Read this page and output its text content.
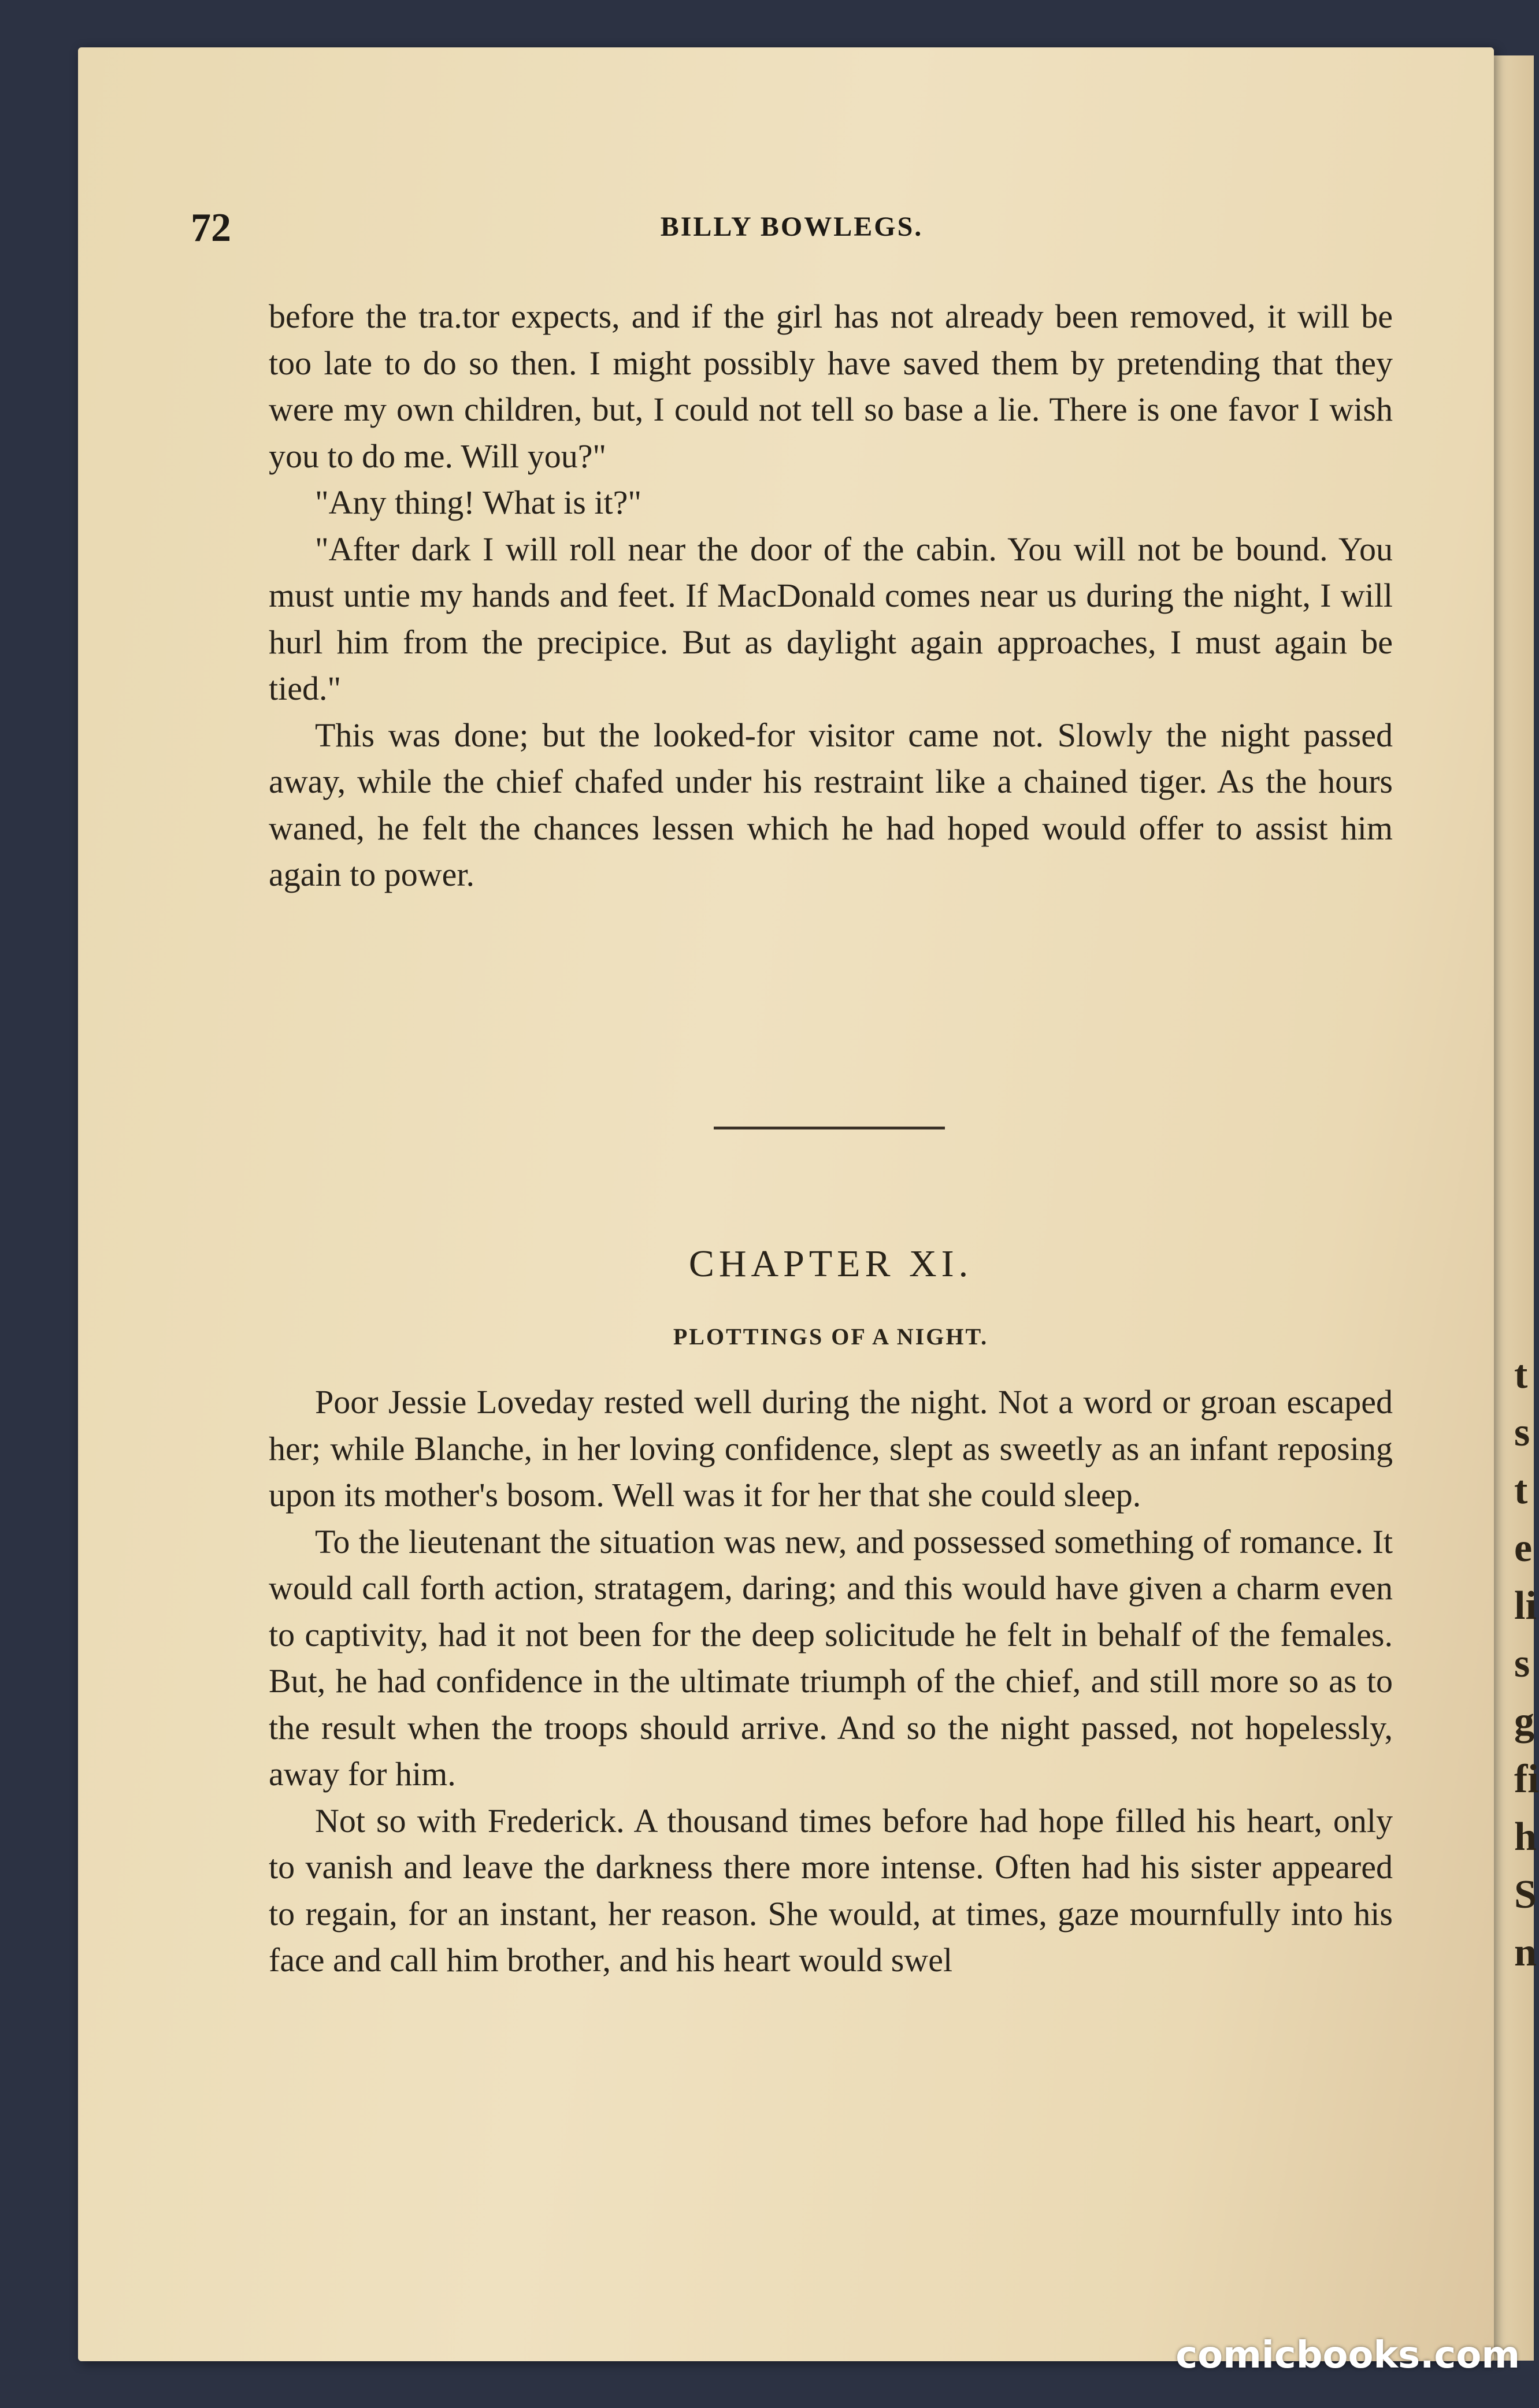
72	BILLY BOWLEGS.

before the tra.tor expects, and if the girl has not already been removed, it will be too late to do so then. I might possibly have saved them by pretending that they were my own children, but, I could not tell so base a lie. There is one favor I wish you to do me. Will you?"

"Any thing! What is it?"

"After dark I will roll near the door of the cabin. You will not be bound. You must untie my hands and feet. If MacDonald comes near us during the night, I will hurl him from the precipice. But as daylight again approaches, I must again be tied."

This was done; but the looked-for visitor came not. Slowly the night passed away, while the chief chafed under his restraint like a chained tiger. As the hours waned, he felt the chances lessen which he had hoped would offer to assist him again to power.

CHAPTER XI.
PLOTTINGS OF A NIGHT.

Poor Jessie Loveday rested well during the night. Not a word or groan escaped her; while Blanche, in her loving confidence, slept as sweetly as an infant reposing upon its mother's bosom. Well was it for her that she could sleep.

To the lieutenant the situation was new, and possessed something of romance. It would call forth action, stratagem, daring; and this would have given a charm even to captivity, had it not been for the deep solicitude he felt in behalf of the females. But, he had confidence in the ultimate triumph of the chief, and still more so as to the result when the troops should arrive. And so the night passed, not hopelessly, away for him.

Not so with Frederick. A thousand times before had hope filled his heart, only to vanish and leave the darkness there more intense. Often had his sister appeared to regain, for an instant, her reason. She would, at times, gaze mournfully into his face and call him brother, and his heart would swel

t
s
t
e
li
s
g
fi
h
S
n
comicbooks.com
